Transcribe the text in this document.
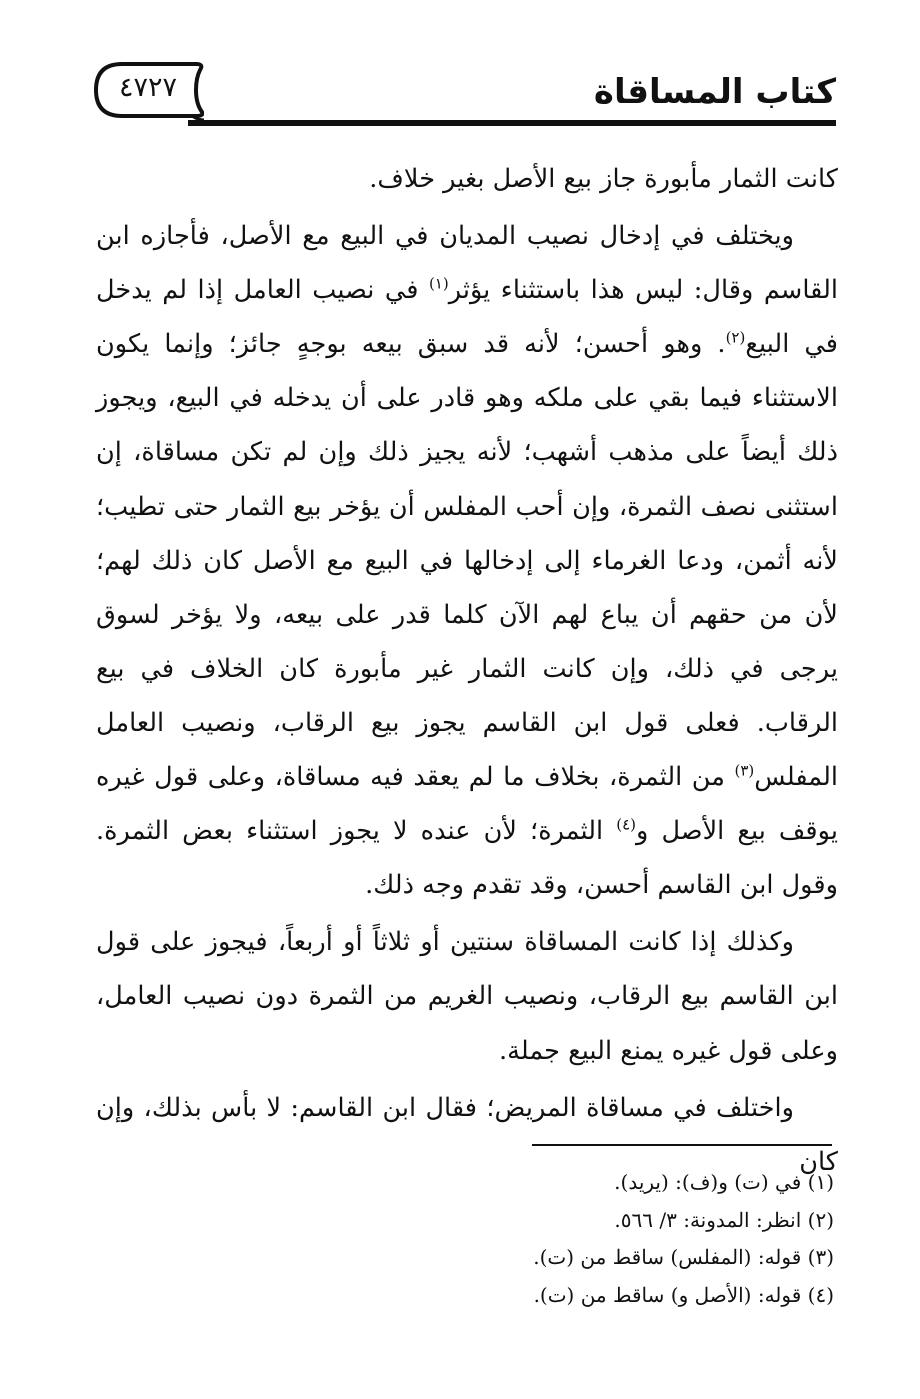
كتاب المساقاة
٤٧٢٧

كانت الثمار مأبورة جاز بيع الأصل بغير خلاف.

ويختلف في إدخال نصيب المديان في البيع مع الأصل، فأجازه ابن القاسم وقال: ليس هذا باستثناء يؤثر$^{(١)}$ في نصيب العامل إذا لم يدخل في البيع$^{(٢)}$. وهو أحسن؛ لأنه قد سبق بيعه بوجهٍ جائز؛ وإنما يكون الاستثناء فيما بقي على ملكه وهو قادر على أن يدخله في البيع، ويجوز ذلك أيضاً على مذهب أشهب؛ لأنه يجيز ذلك وإن لم تكن مساقاة، إن استثنى نصف الثمرة، وإن أحب المفلس أن يؤخر بيع الثمار حتى تطيب؛ لأنه أثمن، ودعا الغرماء إلى إدخالها في البيع مع الأصل كان ذلك لهم؛ لأن من حقهم أن يباع لهم الآن كلما قدر على بيعه، ولا يؤخر لسوق يرجى في ذلك، وإن كانت الثمار غير مأبورة كان الخلاف في بيع الرقاب. فعلى قول ابن القاسم يجوز بيع الرقاب، ونصيب العامل المفلس$^{(٣)}$ من الثمرة، بخلاف ما لم يعقد فيه مساقاة، وعلى قول غيره يوقف بيع الأصل و$^{(٤)}$ الثمرة؛ لأن عنده لا يجوز استثناء بعض الثمرة. وقول ابن القاسم أحسن، وقد تقدم وجه ذلك.

وكذلك إذا كانت المساقاة سنتين أو ثلاثاً أو أربعاً، فيجوز على قول ابن القاسم بيع الرقاب، ونصيب الغريم من الثمرة دون نصيب العامل، وعلى قول غيره يمنع البيع جملة.

واختلف في مساقاة المريض؛ فقال ابن القاسم: لا بأس بذلك، وإن كان

(١) في (ت) و(ف): (يريد).
(٢) انظر: المدونة: ٣/ ٥٦٦.
(٣) قوله: (المفلس) ساقط من (ت).
(٤) قوله: (الأصل و) ساقط من (ت).
